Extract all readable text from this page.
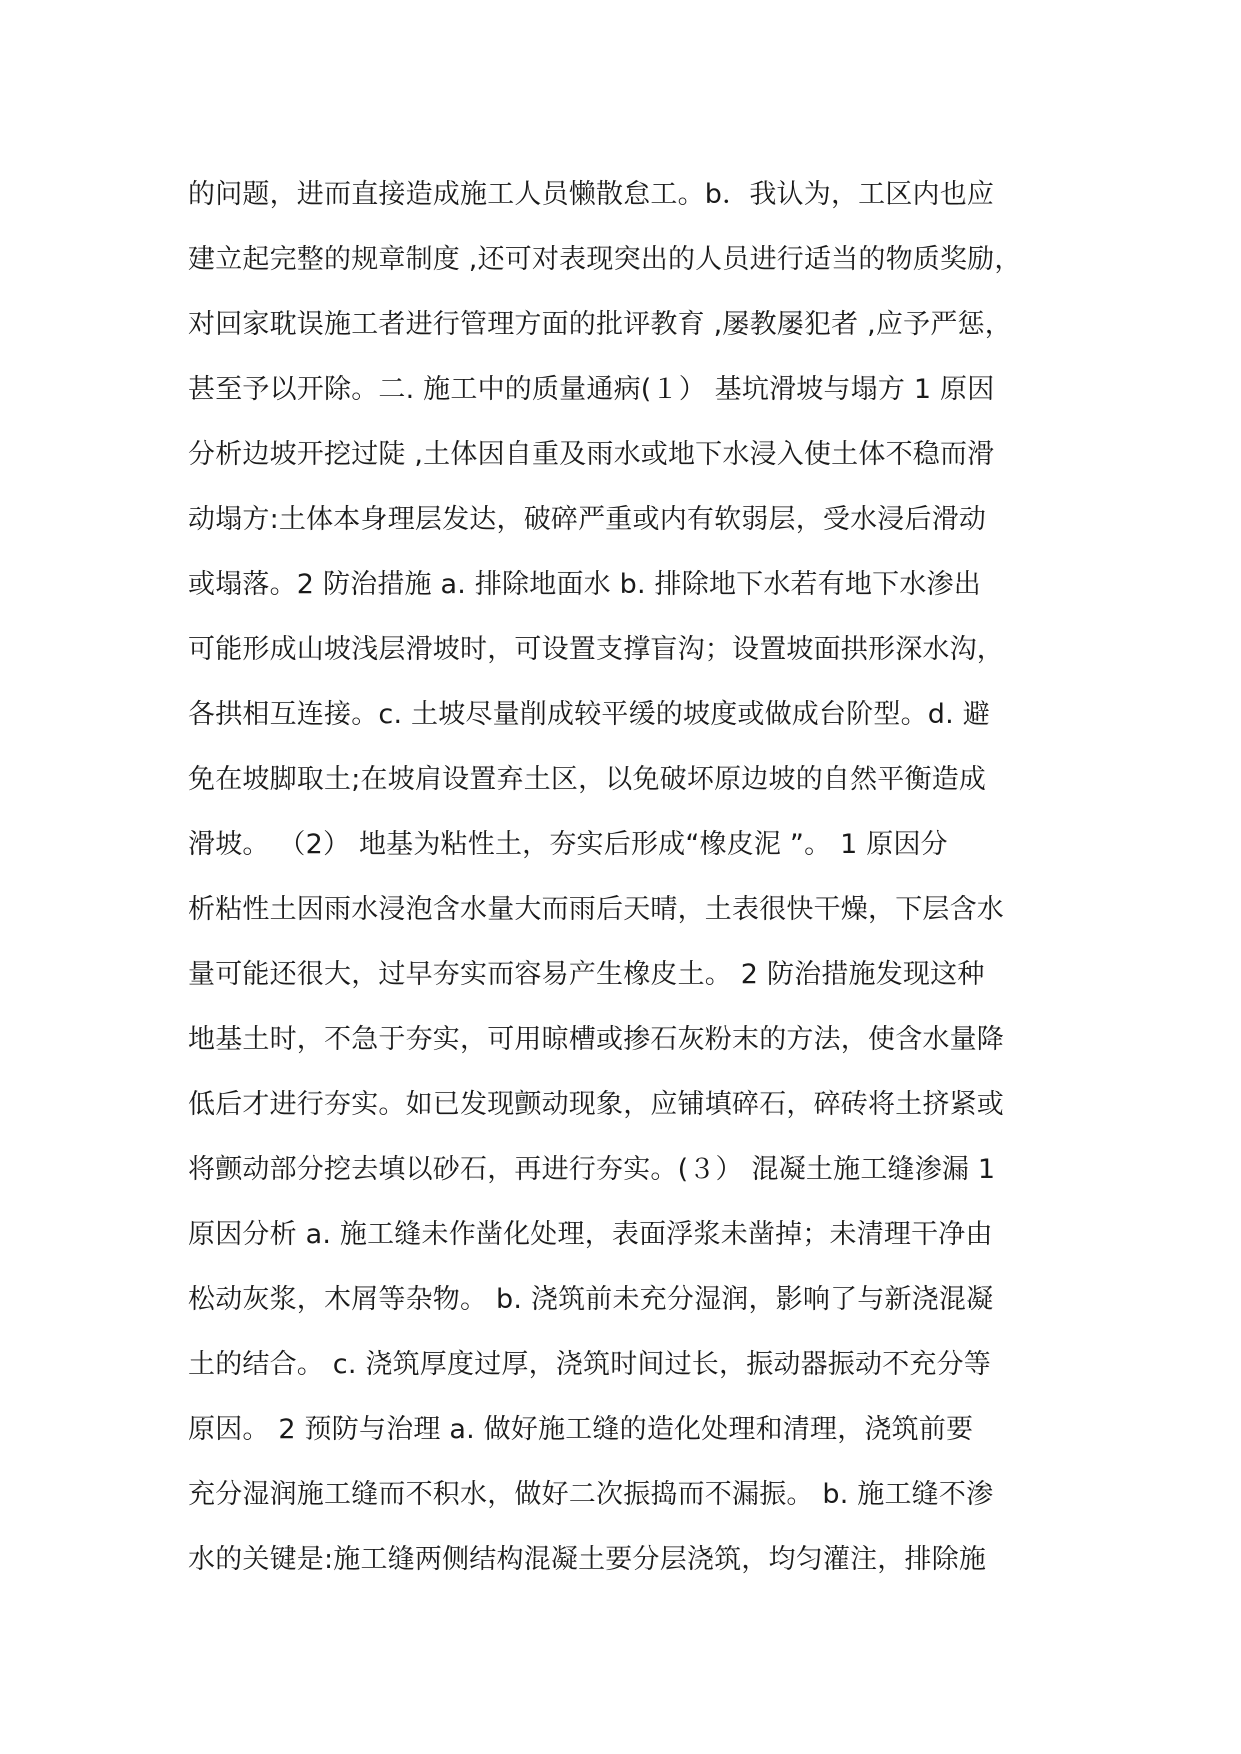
的问题，进而直接造成施工人员懒散怠工。b．我认为，工区内也应
建立起完整的规章制度 ,还可对表现突出的人员进行适当的物质奖励，
对回家耽误施工者进行管理方面的批评教育 ,屡教屡犯者 ,应予严惩，
甚至予以开除。二. 施工中的质量通病(１） 基坑滑坡与塌方 1 原因
分析边坡开挖过陡 ,土体因自重及雨水或地下水浸入使土体不稳而滑
动塌方:土体本身理层发达，破碎严重或内有软弱层，受水浸后滑动
或塌落。2 防治措施 a. 排除地面水 b. 排除地下水若有地下水渗出
可能形成山坡浅层滑坡时，可设置支撑盲沟；设置坡面拱形深水沟，
各拱相互连接。c. 土坡尽量削成较平缓的坡度或做成台阶型。d. 避
免在坡脚取土;在坡肩设置弃土区，以免破坏原边坡的自然平衡造成
滑坡。 （2） 地基为粘性土，夯实后形成“橡皮泥 ”。 1 原因分
析粘性土因雨水浸泡含水量大而雨后天晴，土表很快干燥，下层含水
量可能还很大，过早夯实而容易产生橡皮土。 2 防治措施发现这种
地基土时，不急于夯实，可用晾槽或掺石灰粉末的方法，使含水量降
低后才进行夯实。如已发现颤动现象，应铺填碎石，碎砖将土挤紧或
将颤动部分挖去填以砂石，再进行夯实。(３） 混凝土施工缝渗漏 1
原因分析 a. 施工缝未作凿化处理，表面浮浆未凿掉；未清理干净由
松动灰浆，木屑等杂物。 b. 浇筑前未充分湿润，影响了与新浇混凝
土的结合。 c. 浇筑厚度过厚，浇筑时间过长，振动器振动不充分等
原因。 2 预防与治理 a. 做好施工缝的造化处理和清理，浇筑前要
充分湿润施工缝而不积水，做好二次振捣而不漏振。 b. 施工缝不渗
水的关键是:施工缝两侧结构混凝土要分层浇筑，均匀灌注，排除施
